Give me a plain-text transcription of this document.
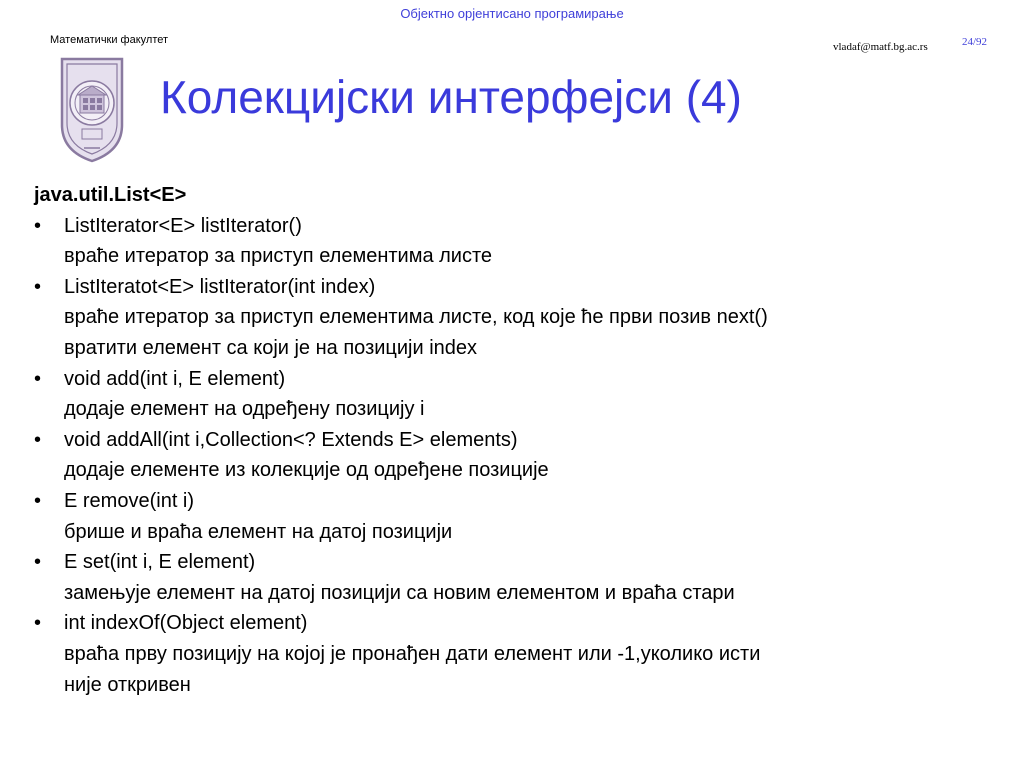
Објектно орјентисано програмирање
Математички факултет
vladaf@matf.bg.ac.rs	24/92
Колекцијски интерфејси (4)
java.util.List<E>
• ListIterator<E> listIterator()
враће итератор за приступ елементима листе
• ListIteratot<E> listIterator(int index)
враће итератор за приступ елементима листе, код које ће први позив next()
вратити елемент са који је на позицији index
• void add(int i, E element)
додаје елемент на одређену позицију i
• void addAll(int i,Collection<? Extends E> elements)
додаје елементе из колекције од одређене позиције
• E remove(int i)
брише и враћа елемент на датој позицији
• E set(int i, E element)
замењује елемент на датој позицији са новим елементом и враћа стари
• int indexOf(Object element)
враћа прву позицију на којој је пронађен дати елемент или -1,уколико исти
није откривен
